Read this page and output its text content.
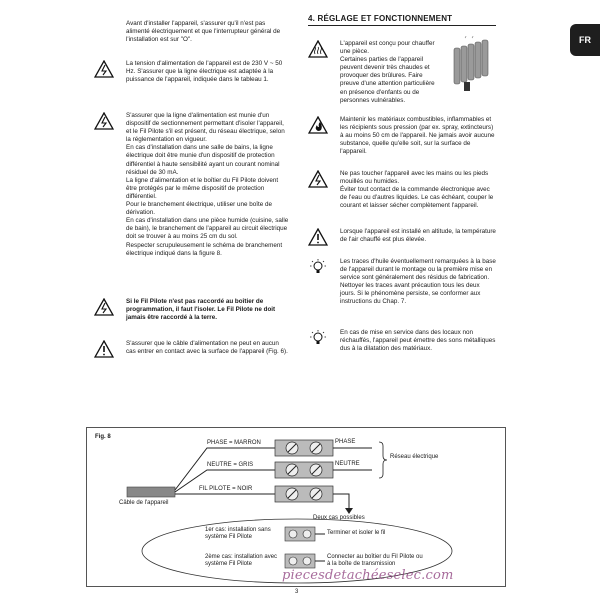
FR

Avant d'installer l'appareil, s'assurer qu'il n'est pas alimenté électriquement et que l'interrupteur général de l'installation est sur "O".

La tension d'alimentation de l'appareil est de 230 V ~ 50 Hz. S'assurer que la ligne électrique est adaptée à la puissance de l'appareil, indiquée dans le tableau 1.

S'assurer que la ligne d'alimentation est munie d'un dispositif de sectionnement permettant d'isoler l'appareil, et le Fil Pilote s'il est présent, du réseau électrique, selon la réglementation en vigueur.

En cas d'installation dans une salle de bains, la ligne électrique doit être munie d'un dispositif de protection différentiel à haute sensibilité ayant un courant nominal résiduel de 30 mA.

La ligne d'alimentation et le boîtier du Fil Pilote doivent être protégés par le même dispositif de protection différentiel.

Pour le branchement électrique, utiliser une boîte de dérivation.

En cas d'installation dans une pièce humide (cuisine, salle de bain), le branchement de l'appareil au circuit électrique doit se trouver à au moins 25 cm du sol.

Respecter scrupuleusement le schéma de branchement électrique indiqué dans la figure 8.

Si le Fil Pilote n'est pas raccordé au boîtier de programmation, il faut l'isoler. Le Fil Pilote ne doit jamais être raccordé à la terre.

S'assurer que le câble d'alimentation ne peut en aucun cas entrer en contact avec la surface de l'appareil (Fig. 6).

4. RÉGLAGE ET FONCTIONNEMENT

L'appareil est conçu pour chauffer une pièce.

Certaines parties de l'appareil peuvent devenir très chaudes et provoquer des brûlures. Faire preuve d'une attention particulière en présence d'enfants ou de personnes vulnérables.

Maintenir les matériaux combustibles, inflammables et les récipients sous pression (par ex. spray, extincteurs) à au moins 50 cm de l'appareil. Ne jamais avoir aucune substance, quelle qu'elle soit, sur la surface de l'appareil.

Ne pas toucher l'appareil avec les mains ou les pieds mouillés ou humides.

Éviter tout contact de la commande électronique avec de l'eau ou d'autres liquides. Le cas échéant, couper le courant et laisser sécher complètement l'appareil.

Lorsque l'appareil est installé en altitude, la température de l'air chauffé est plus élevée.

Les traces d'huile éventuellement remarquées à la base de l'appareil durant le montage ou la première mise en service sont généralement des résidus de fabrication. Nettoyer les traces avant précaution tous les deux jours. Si le phénomène persiste, se conformer aux instructions du Chap. 7.

En cas de mise en service dans des locaux non réchauffés, l'appareil peut émettre des sons métalliques dus à la dilatation des matériaux.

Fig. 8
PHASE = MARRON	PHASE
NEUTRE = GRIS	NEUTRE
FIL PILOTE = NOIR
Réseau électrique
Câble de l'appareil
Deux cas possibles
1er cas: installation sans système Fil Pilote
Terminer et isoler le fil
2ème cas: installation avec système Fil Pilote
Connecter au boîtier du Fil Pilote ou à la boîte de transmission
piecesdetachéeselec.com
3
